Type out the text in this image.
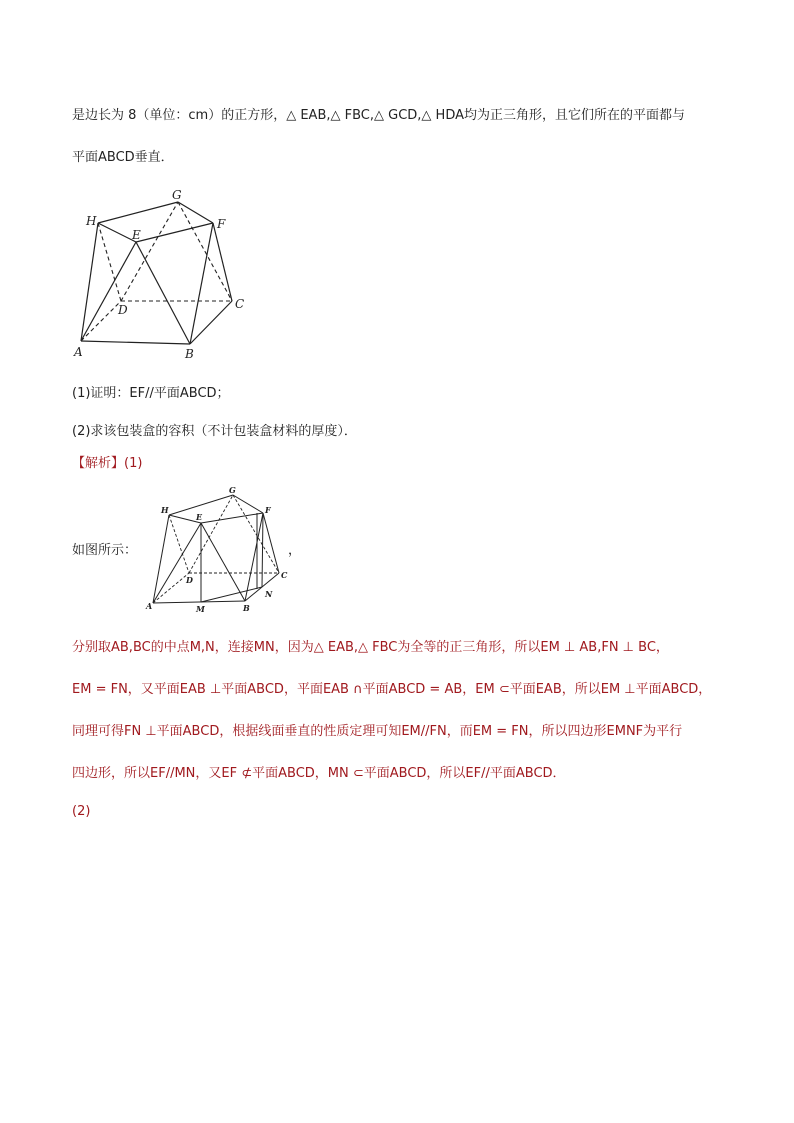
是边长为 8（单位：cm）的正方形，△ EAB,△ FBC,△ GCD,△ HDA均为正三角形，且它们所在的平面都与
平面ABCD垂直．
A	B
C
D
E
F
G
H
(1)证明：EF//平面ABCD；
(2)求该包装盒的容积（不计包装盒材料的厚度）．
【解析】(1)
如图所示：
A	M	B
N
C
D
E
F
G
H
，
分别取AB,BC的中点M,N，连接MN，因为△ EAB,△ FBC为全等的正三角形，所以EM ⊥ AB,FN ⊥ BC，
EM = FN，又平面EAB ⊥平面ABCD，平面EAB ∩平面ABCD = AB，EM ⊂平面EAB，所以EM ⊥平面ABCD，
同理可得FN ⊥平面ABCD，根据线面垂直的性质定理可知EM//FN，而EM = FN，所以四边形EMNF为平行
四边形，所以EF//MN，又EF ⊄平面ABCD，MN ⊂平面ABCD，所以EF//平面ABCD．
(2)
